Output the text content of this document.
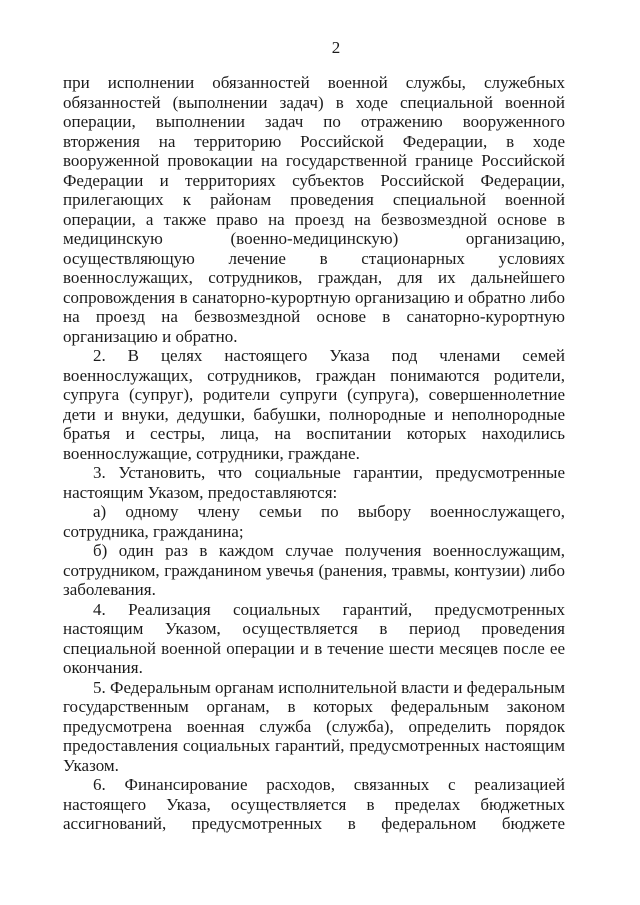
2

при исполнении обязанностей военной службы, служебных обязанностей (выполнении задач) в ходе специальной военной операции, выполнении задач по отражению вооруженного вторжения на территорию Российской Федерации, в ходе вооруженной провокации на государственной границе Российской Федерации и территориях субъектов Российской Федерации, прилегающих к районам проведения специальной военной операции, а также право на проезд на безвозмездной основе в медицинскую (военно-медицинскую) организацию, осуществляющую лечение в стационарных условиях военнослужащих, сотрудников, граждан, для их дальнейшего сопровождения в санаторно-курортную организацию и обратно либо на проезд на безвозмездной основе в санаторно-курортную организацию и обратно.

2. В целях настоящего Указа под членами семей военнослужащих, сотрудников, граждан понимаются родители, супруга (супруг), родители супруги (супруга), совершеннолетние дети и внуки, дедушки, бабушки, полнородные и неполнородные братья и сестры, лица, на воспитании которых находились военнослужащие, сотрудники, граждане.

3. Установить, что социальные гарантии, предусмотренные настоящим Указом, предоставляются:

а) одному члену семьи по выбору военнослужащего, сотрудника, гражданина;

б) один раз в каждом случае получения военнослужащим, сотрудником, гражданином увечья (ранения, травмы, контузии) либо заболевания.

4. Реализация социальных гарантий, предусмотренных настоящим Указом, осуществляется в период проведения специальной военной операции и в течение шести месяцев после ее окончания.

5. Федеральным органам исполнительной власти и федеральным государственным органам, в которых федеральным законом предусмотрена военная служба (служба), определить порядок предоставления социальных гарантий, предусмотренных настоящим Указом.

6. Финансирование расходов, связанных с реализацией настоящего Указа, осуществляется в пределах бюджетных ассигнований, предусмотренных в федеральном бюджете
